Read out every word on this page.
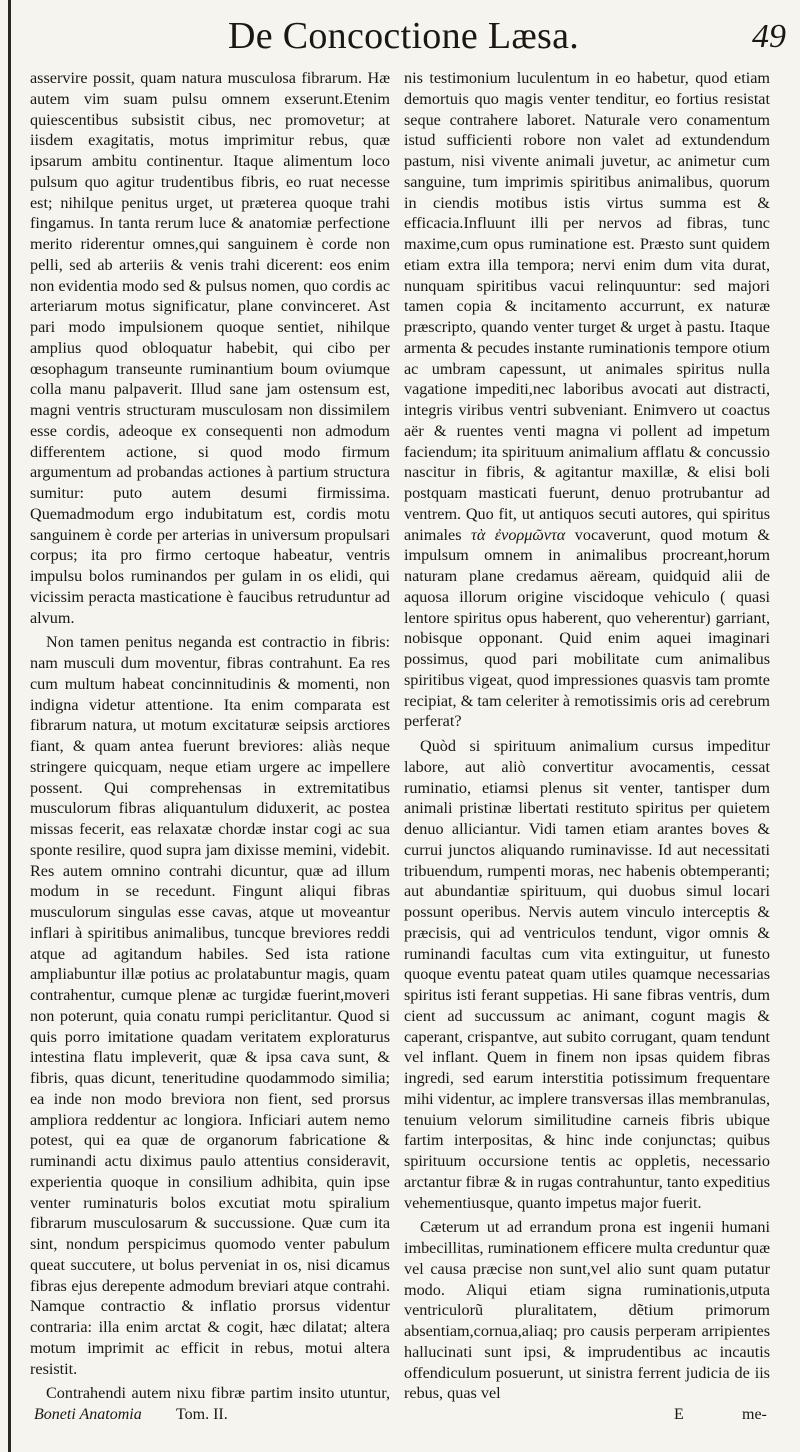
De Concoctione Læsa.	49

asservire possit, quam natura musculosa fibrarum. Hæ autem vim suam pulsu omnem exserunt.Etenim quiescentibus subsistit cibus, nec promovetur; at iisdem exagitatis, motus imprimitur rebus, quæ ipsarum ambitu continentur. Itaque alimentum loco pulsum quo agitur trudentibus fibris, eo ruat necesse est; nihilque penitus urget, ut præterea quoque trahi fingamus. In tanta rerum luce & anatomiæ perfectione merito riderentur omnes,qui sanguinem è corde non pelli, sed ab arteriis & venis trahi dicerent: eos enim non evidentia modo sed & pulsus nomen, quo cordis ac arteriarum motus significatur, plane convinceret. Ast pari modo impulsionem quoque sentiet, nihilque amplius quod obloquatur habebit, qui cibo per œsophagum transeunte ruminantium boum oviumque colla manu palpaverit. Illud sane jam ostensum est, magni ventris structuram musculosam non dissimilem esse cordis, adeoque ex consequenti non admodum differentem actione, si quod modo firmum argumentum ad probandas actiones à partium structura sumitur: puto autem desumi firmissima. Quemadmodum ergo indubitatum est, cordis motu sanguinem è corde per arterias in universum propulsari corpus; ita pro firmo certoque habeatur, ventris impulsu bolos ruminandos per gulam in os elidi, qui vicissim peracta masticatione è faucibus retruduntur ad alvum.

Non tamen penitus neganda est contractio in fibris: nam musculi dum moventur, fibras contrahunt. Ea res cum multum habeat concinnitudinis & momenti, non indigna videtur attentione. Ita enim comparata est fibrarum natura, ut motum excitaturæ seipsis arctiores fiant, & quam antea fuerunt breviores: aliàs neque stringere quicquam, neque etiam urgere ac impellere possent. Qui comprehensas in extremitatibus musculorum fibras aliquantulum diduxerit, ac postea missas fecerit, eas relaxatæ chordæ instar cogi ac sua sponte resilire, quod supra jam dixisse memini, videbit. Res autem omnino contrahi dicuntur, quæ ad illum modum in se recedunt. Fingunt aliqui fibras musculorum singulas esse cavas, atque ut moveantur inflari à spiritibus animalibus, tuncque breviores reddi atque ad agitandum habiles. Sed ista ratione ampliabuntur illæ potius ac prolatabuntur magis, quam contrahentur, cumque plenæ ac turgidæ fuerint,moveri non poterunt, quia conatu rumpi periclitantur. Quod si quis porro imitatione quadam veritatem exploraturus intestina flatu impleverit, quæ & ipsa cava sunt, & fibris, quas dicunt, teneritudine quodammodo similia; ea inde non modo breviora non fient, sed prorsus ampliora reddentur ac longiora. Inficiari autem nemo potest, qui ea quæ de organorum fabricatione & ruminandi actu diximus paulo attentius consideravit, experientia quoque in consilium adhibita, quin ipse venter ruminaturis bolos excutiat motu spiralium fibrarum musculosarum & succussione. Quæ cum ita sint, nondum perspicimus quomodo venter pabulum queat succutere, ut bolus perveniat in os, nisi dicamus fibras ejus derepente admodum breviari atque contrahi. Namque contractio & inflatio prorsus videntur contraria: illa enim arctat & cogit, hæc dilatat; altera motum imprimit ac efficit in rebus, motui altera resistit.

Contrahendi autem nixu fibræ partim insito utuntur,

nis testimonium luculentum in eo habetur, quod etiam demortuis quo magis venter tenditur, eo fortius resistat seque contrahere laboret. Naturale vero conamentum istud sufficienti robore non valet ad extundendum pastum, nisi vivente animali juvetur, ac animetur cum sanguine, tum imprimis spiritibus animalibus, quorum in ciendis motibus istis virtus summa est & efficacia.Influunt illi per nervos ad fibras, tunc maxime,cum opus ruminatione est. Præsto sunt quidem etiam extra illa tempora; nervi enim dum vita durat, nunquam spiritibus vacui relinquuntur: sed majori tamen copia & incitamento accurrunt, ex naturæ præscripto, quando venter turget & urget à pastu. Itaque armenta & pecudes instante ruminationis tempore otium ac umbram capessunt, ut animales spiritus nulla vagatione impediti,nec laboribus avocati aut distracti, integris viribus ventri subveniant. Enimvero ut coactus aër & ruentes venti magna vi pollent ad impetum faciendum; ita spirituum animalium afflatu & concussio nascitur in fibris, & agitantur maxillæ, & elisi boli postquam masticati fuerunt, denuo protrubantur ad ventrem. Quo fit, ut antiquos secuti autores, qui spiritus animales τὰ ἐνορμῶντα vocaverunt, quod motum & impulsum omnem in animalibus procreant,horum naturam plane credamus aëream, quidquid alii de aquosa illorum origine viscidoque vehiculo ( quasi lentore spiritus opus haberent, quo veherentur) garriant, nobisque opponant. Quid enim aquei imaginari possimus, quod pari mobilitate cum animalibus spiritibus vigeat, quod impressiones quasvis tam promte recipiat, & tam celeriter à remotissimis oris ad cerebrum perferat?

Quòd si spirituum animalium cursus impeditur labore, aut aliò convertitur avocamentis, cessat ruminatio, etiamsi plenus sit venter, tantisper dum animali pristinæ libertati restituto spiritus per quietem denuo alliciantur. Vidi tamen etiam arantes boves & currui junctos aliquando ruminavisse. Id aut necessitati tribuendum, rumpenti moras, nec habenis obtemperanti; aut abundantiæ spirituum, qui duobus simul locari possunt operibus. Nervis autem vinculo interceptis & præcisis, qui ad ventriculos tendunt, vigor omnis & ruminandi facultas cum vita extinguitur, ut funesto quoque eventu pateat quam utiles quamque necessarias spiritus isti ferant suppetias. Hi sane fibras ventris, dum cient ad succussum ac animant, cogunt magis & caperant, crispantve, aut subito corrugant, quam tendunt vel inflant. Quem in finem non ipsas quidem fibras ingredi, sed earum interstitia potissimum frequentare mihi videntur, ac implere transversas illas membranulas, tenuium velorum similitudine carneis fibris ubique fartim interpositas, & hinc inde conjunctas; quibus spirituum occursione tentis ac oppletis, necessario arctantur fibræ & in rugas contrahuntur, tanto expeditius vehementiusque, quanto impetus major fuerit.

Cæterum ut ad errandum prona est ingenii humani imbecillitas, ruminationem efficere multa creduntur quæ vel causa præcise non sunt,vel alio sunt quam putatur modo. Aliqui etiam signa ruminationis,utputa ventriculorũ pluralitatem, dẽtium primorum absentiam,cornua,aliaq; pro causis perperam arripientes hallucinati sunt ipsi, & imprudentibus ac incautis offendiculum posuerunt, ut sinistra ferrent judicia de iis rebus, quas vel

Boneti Anatomia Tom. II.	E	me-
